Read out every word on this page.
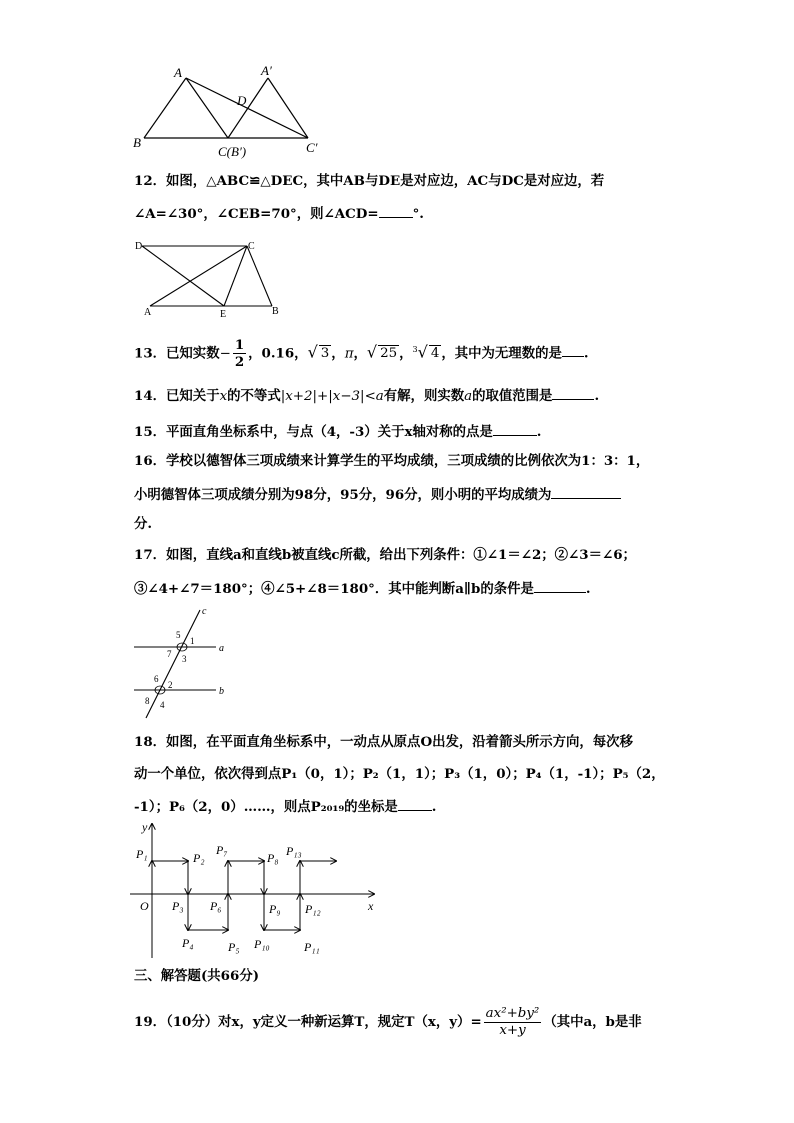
A	A′
D
B
C(B′)	C′
12．如图，△ABC≌△DEC，其中AB与DE是对应边，AC与DC是对应边，若
∠A=∠30°，∠CEB=70°，则∠ACD=	°.
D	C
A	E	B
13．已知实数− $\frac{1}{2}$ ，0.16，√ 3 ，π，√ 25 ，$^3$√ 4 ，其中为无理数的是 .
14．已知关于x的不等式|x+2|+|x−3|<a有解，则实数a的取值范围是	.
15．平面直角坐标系中，与点（4，-3）关于x轴对称的点是	.
16．学校以德智体三项成绩来计算学生的平均成绩，三项成绩的比例依次为1：3：1，
小明德智体三项成绩分别为98分，95分，96分，则小明的平均成绩为
分.
17．如图，直线a和直线b被直线c所截，给出下列条件：①∠1＝∠2；②∠3＝∠6；
③∠4+∠7＝180°；④∠5+∠8＝180°．其中能判断a∥b的条件是	.
c
a
b
5
1
7 3
6
2
8 4
18．如图，在平面直角坐标系中，一动点从原点O出发，沿着箭头所示方向，每次移
动一个单位，依次得到点P₁（0，1）；P₂（1，1）；P₃（1，0）；P₄（1，-1）；P₅（2，
-1）；P₆（2，0）……，则点P₂₀₁₉的坐标是	.
y
x
O
P₁	P₂
P₃
P₄	P₅
P₆
P₇
P₈
P₉
P₁₀	P₁₁
P₁₂
P₁₃
三、解答题(共66分)
19．（10分）对x，y定义一种新运算T，规定T（x，$y)= \frac{\text{ax²+by²}}{x+y}$ （其中a，b是非
